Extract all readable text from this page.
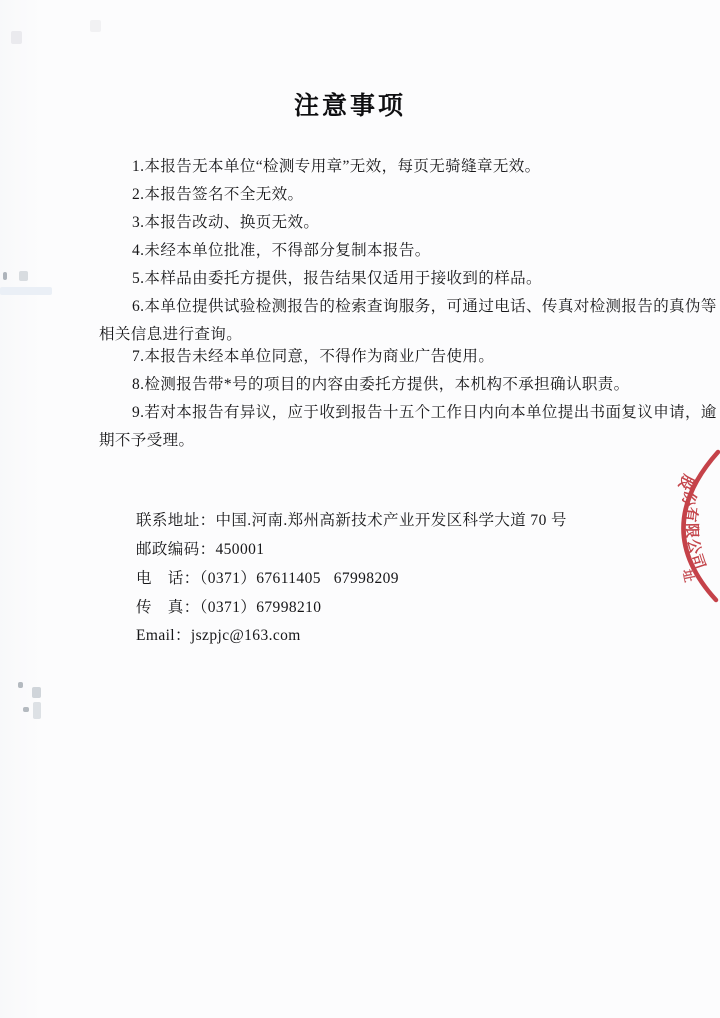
注意事项
1.本报告无本单位“检测专用章”无效，每页无骑缝章无效。
2.本报告签名不全无效。
3.本报告改动、换页无效。
4.未经本单位批准，不得部分复制本报告。
5.本样品由委托方提供，报告结果仅适用于接收到的样品。
6.本单位提供试验检测报告的检索查询服务，可通过电话、传真对检测报告的真伪等
相关信息进行查询。
7.本报告未经本单位同意，不得作为商业广告使用。
8.检测报告带*号的项目的内容由委托方提供，本机构不承担确认职责。
9.若对本报告有异议，应于收到报告十五个工作日内向本单位提出书面复议申请，逾
期不予受理。
联系地址：中国.河南.郑州高新技术产业开发区科学大道 70 号
邮政编码：450001
电　话：（0371）67611405   67998209
传　真：（0371）67998210
Email：jszpjc@163.com
股
份
有
限
公
司
址
